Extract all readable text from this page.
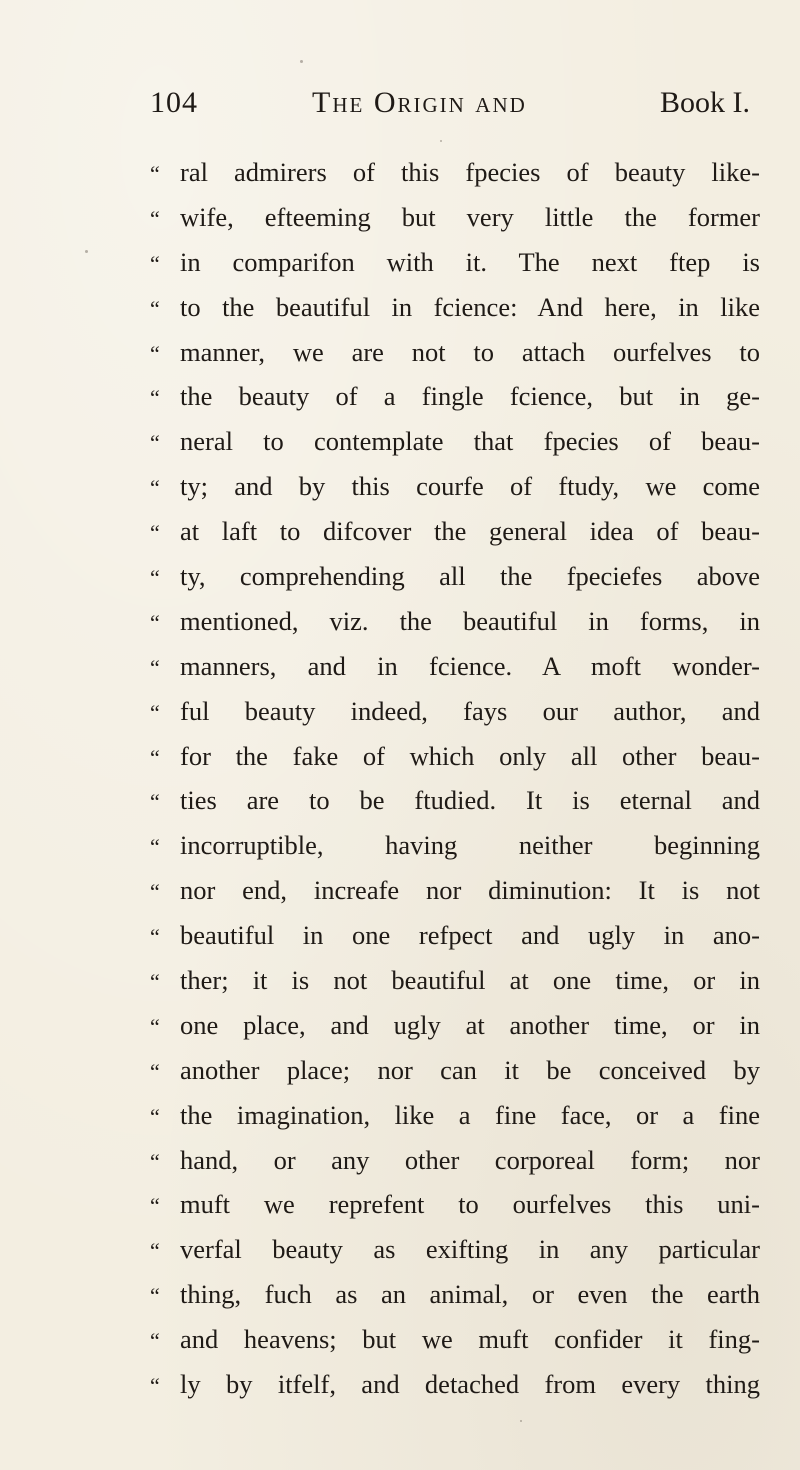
104	The Origin and	Book I.
“ ral admirers of this fpecies of beauty like-
“ wife, efteeming but very little the former
“ in comparifon with it. The next ftep is
“ to the beautiful in fcience: And here, in like
“ manner, we are not to attach ourfelves to
“ the beauty of a fingle fcience, but in ge-
“ neral to contemplate that fpecies of beau-
“ ty; and by this courfe of ftudy, we come
“ at laft to difcover the general idea of beau-
“ ty, comprehending all the fpeciefes above
“ mentioned, viz. the beautiful in forms, in
“ manners, and in fcience. A moft wonder-
“ ful beauty indeed, fays our author, and
“ for the fake of which only all other beau-
“ ties are to be ftudied. It is eternal and
“ incorruptible, having neither beginning
“ nor end, increafe nor diminution: It is not
“ beautiful in one refpect and ugly in ano-
“ ther; it is not beautiful at one time, or in
“ one place, and ugly at another time, or in
“ another place; nor can it be conceived by
“ the imagination, like a fine face, or a fine
“ hand, or any other corporeal form; nor
“ muft we reprefent to ourfelves this uni-
“ verfal beauty as exifting in any particular
“ thing, fuch as an animal, or even the earth
“ and heavens; but we muft confider it fing-
“ ly by itfelf, and detached from every thing
